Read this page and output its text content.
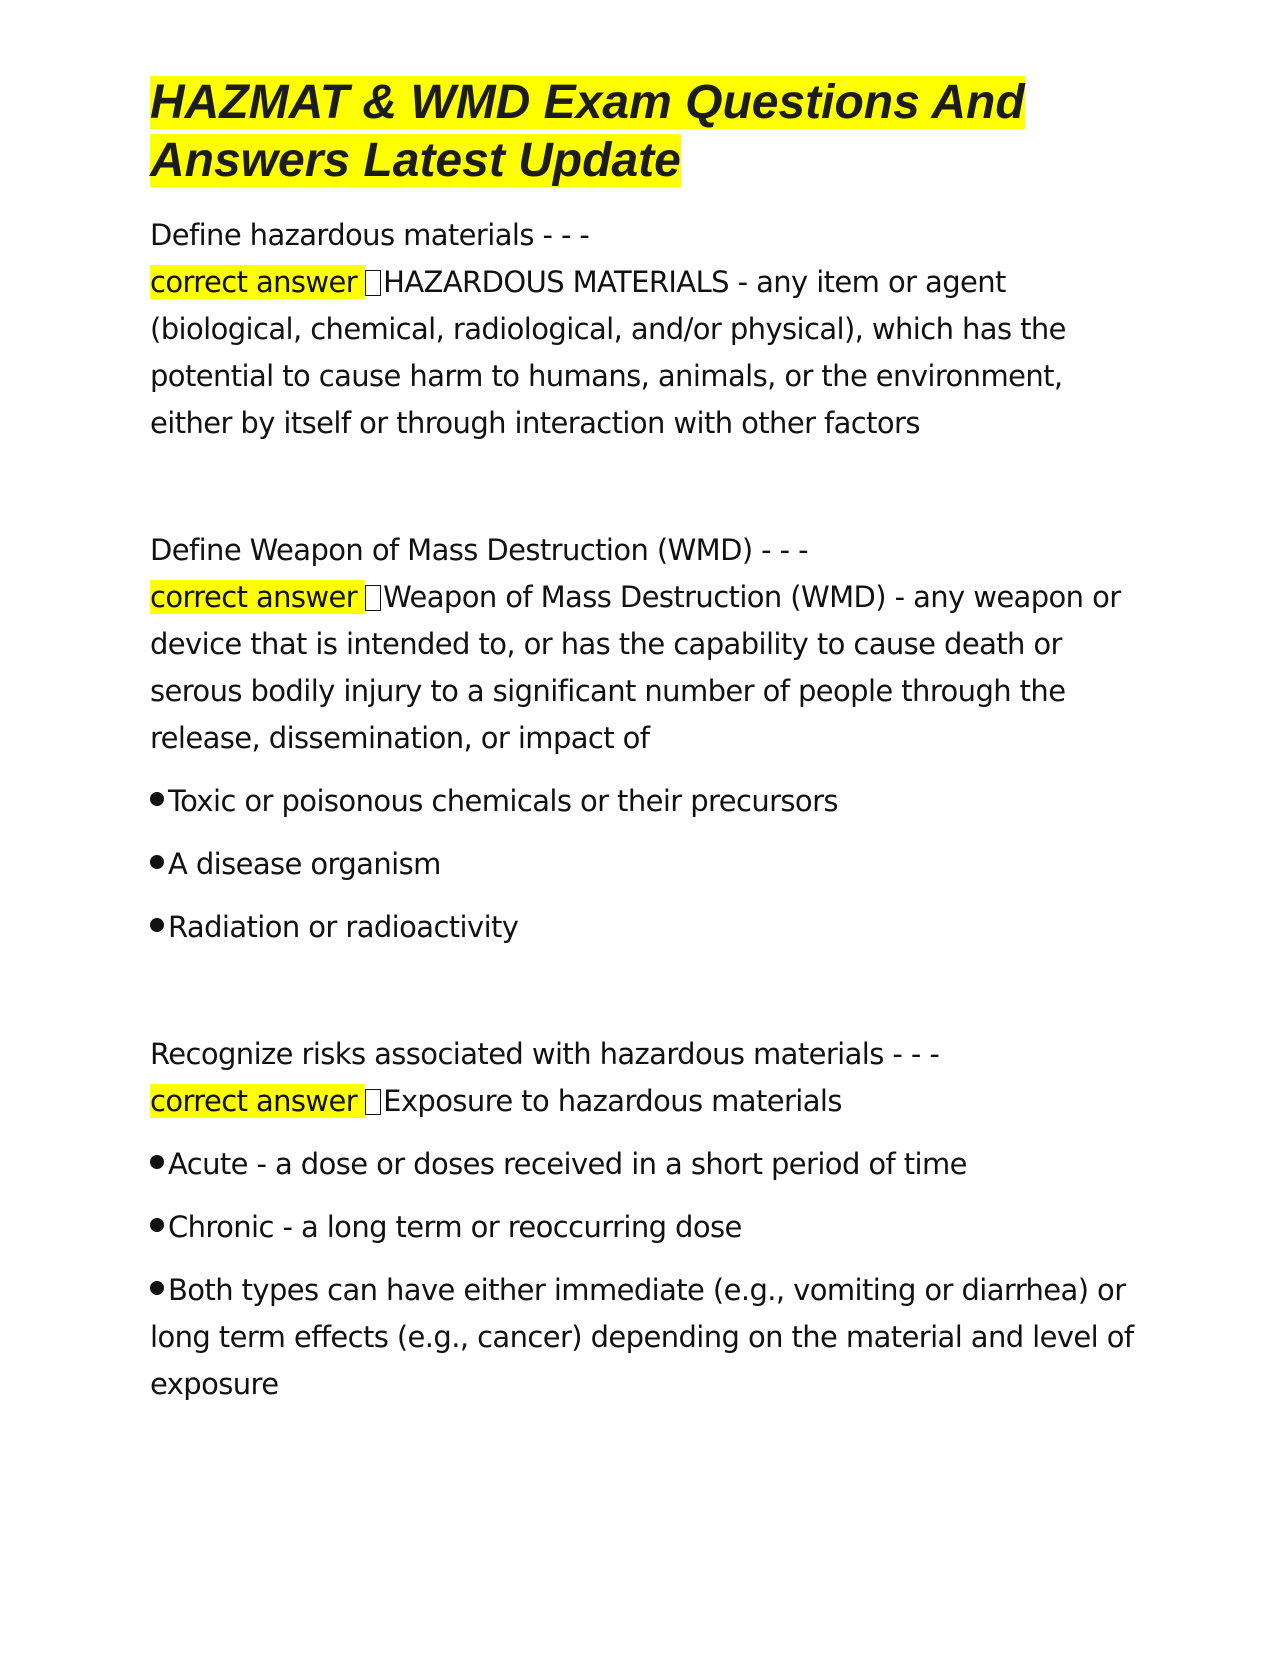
HAZMAT & WMD Exam Questions And
Answers Latest Update

Define hazardous materials - - -

correct answer HAZARDOUS MATERIALS - any item or agent (biological, chemical, radiological, and/or physical), which has the potential to cause harm to humans, animals, or the environment, either by itself or through interaction with other factors

Define Weapon of Mass Destruction (WMD) - - -

correct answer Weapon of Mass Destruction (WMD) - any weapon or device that is intended to, or has the capability to cause death or serous bodily injury to a significant number of people through the release, dissemination, or impact of

Toxic or poisonous chemicals or their precursors

A disease organism

Radiation or radioactivity

Recognize risks associated with hazardous materials - - -

correct answer Exposure to hazardous materials

Acute - a dose or doses received in a short period of time

Chronic - a long term or reoccurring dose

Both types can have either immediate (e.g., vomiting or diarrhea) or long term effects (e.g., cancer) depending on the material and level of exposure
